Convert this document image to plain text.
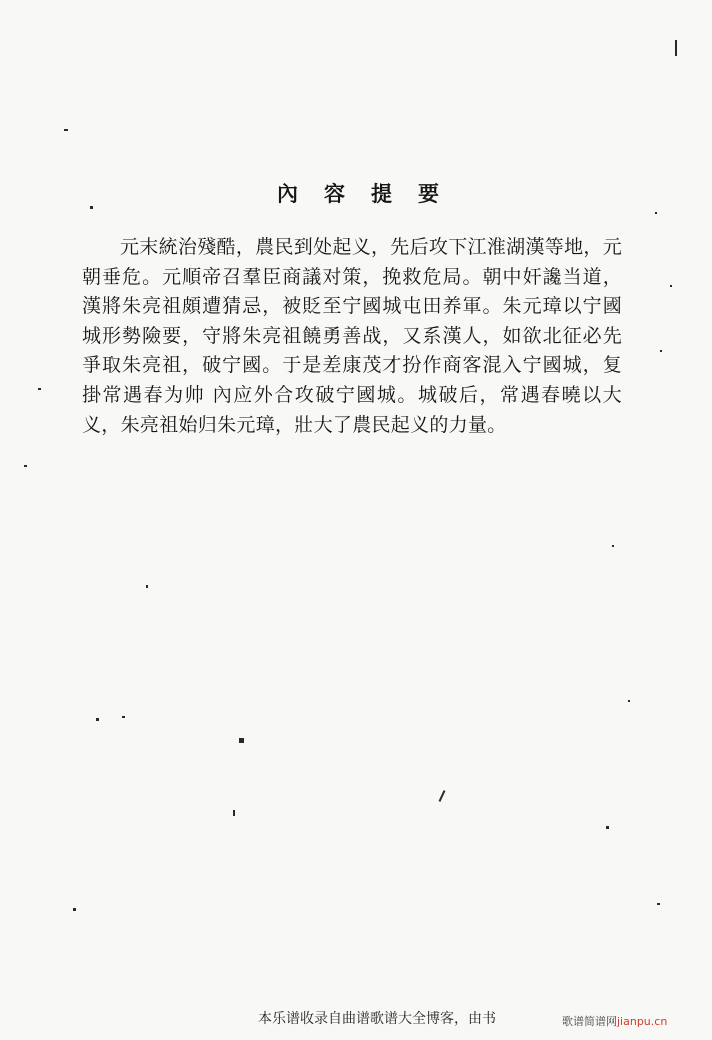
內容提要

元末統治殘酷，農民到处起义，先后攻下江淮湖漢等地，元朝垂危。元順帝召羣臣商議对策，挽救危局。朝中奸讒当道，漢將朱亮祖頗遭猜忌，被貶至宁國城屯田养軍。朱元璋以宁國城形勢險要，守將朱亮祖饒勇善战，又系漢人，如欲北征必先爭取朱亮祖，破宁國。于是差康茂才扮作商客混入宁國城，复掛常遇春为帅 內应外合攻破宁國城。城破后，常遇春曉以大义，朱亮祖始归朱元璋，壯大了農民起义的力量。

本乐谱收录自曲谱歌谱大全博客，由书	歌谱简谱网jianpu.cn
